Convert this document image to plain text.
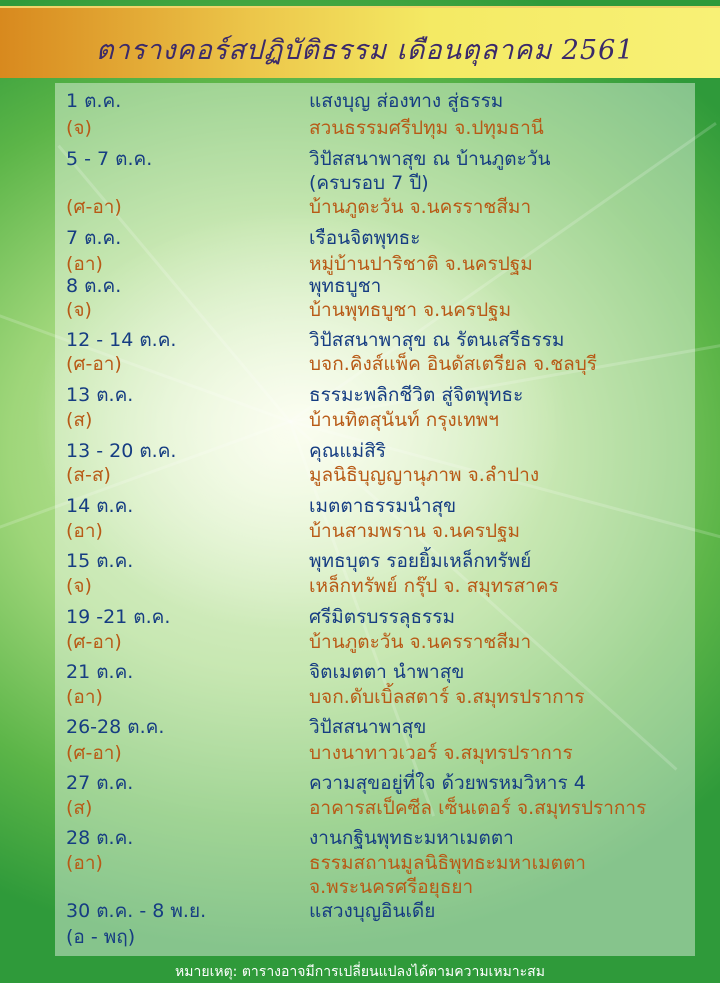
ตารางคอร์สปฏิบัติธรรม เดือนตุลาคม 2561
1 ต.ค.	แสงบุญ ส่องทาง สู่ธรรม
(จ)	สวนธรรมศรีปทุม จ.ปทุมธานี
5 - 7 ต.ค.	วิปัสสนาพาสุข ณ บ้านภูตะวัน
(ครบรอบ 7 ปี)
(ศ-อา)	บ้านภูตะวัน จ.นครราชสีมา
7 ต.ค.	เรือนจิตพุทธะ
(อา)	หมู่บ้านปาริชาติ จ.นครปฐม
8 ต.ค.	พุทธบูชา
(จ)	บ้านพุทธบูชา จ.นครปฐม
12 - 14 ต.ค.	วิปัสสนาพาสุข ณ รัตนเสรีธรรม
(ศ-อา)	บจก.คิงส์แพ็ค อินดัสเตรียล จ.ชลบุรี
13 ต.ค.	ธรรมะพลิกชีวิต สู่จิตพุทธะ
(ส)	บ้านทิตสุนันท์ กรุงเทพฯ
13 - 20 ต.ค.	คุณแม่สิริ
(ส-ส)	มูลนิธิบุญญานุภาพ จ.ลำปาง
14 ต.ค.	เมตตาธรรมนำสุข
(อา)	บ้านสามพราน จ.นครปฐม
15 ต.ค.	พุทธบุตร รอยยิ้มเหล็กทรัพย์
(จ)	เหล็กทรัพย์ กรุ๊ป จ. สมุทรสาคร
19 -21 ต.ค.	ศรีมิตรบรรลุธรรม
(ศ-อา)	บ้านภูตะวัน จ.นครราชสีมา
21 ต.ค.	จิตเมตตา นำพาสุข
(อา)	บจก.ดับเบิ้ลสตาร์ จ.สมุทรปราการ
26-28 ต.ค.	วิปัสสนาพาสุข
(ศ-อา)	บางนาทาวเวอร์ จ.สมุทรปราการ
27 ต.ค.	ความสุขอยู่ที่ใจ ด้วยพรหมวิหาร 4
(ส)	อาคารสเป็คซีล เซ็นเตอร์ จ.สมุทรปราการ
28 ต.ค.	งานกฐินพุทธะมหาเมตตา
(อา)	ธรรมสถานมูลนิธิพุทธะมหาเมตตา
จ.พระนครศรีอยุธยา
30 ต.ค. - 8 พ.ย.	แสวงบุญอินเดีย
(อ - พฤ)
หมายเหตุ: ตารางอาจมีการเปลี่ยนแปลงได้ตามความเหมาะสม
